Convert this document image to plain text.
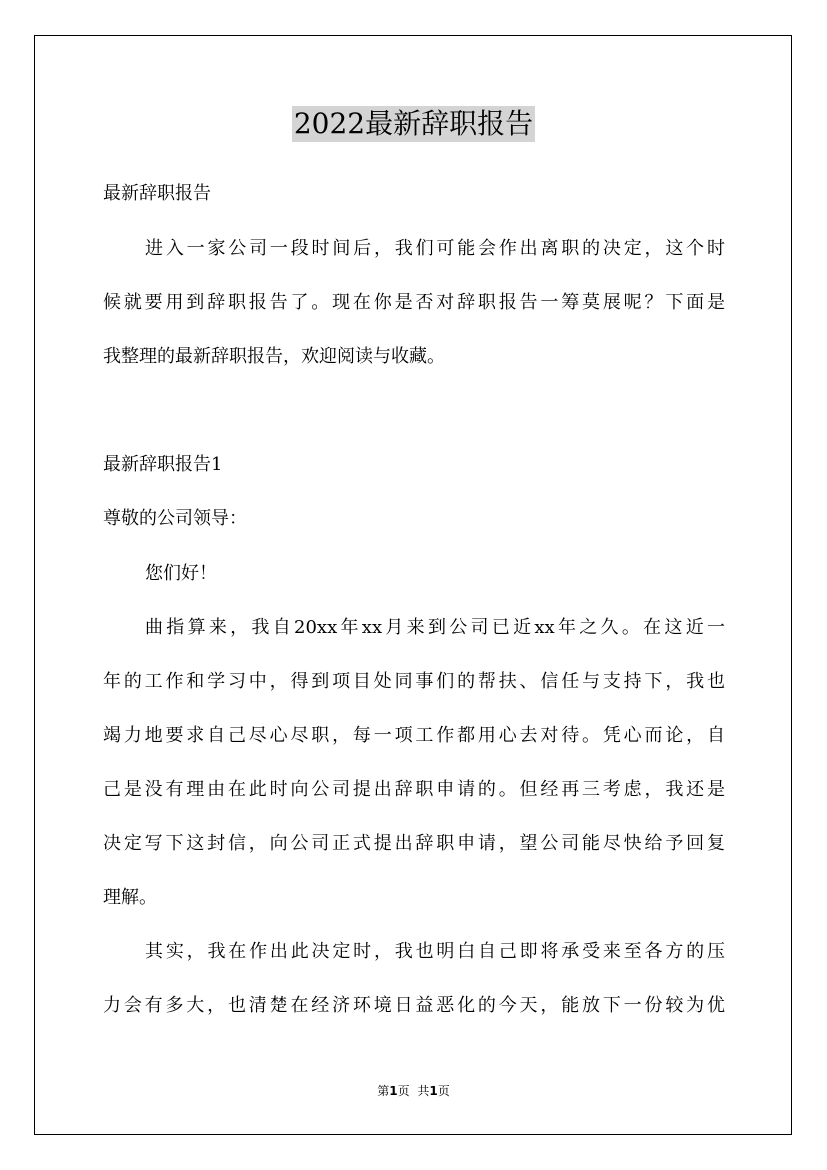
2022最新辞职报告

最新辞职报告

进入一家公司一段时间后，我们可能会作出离职的决定，这个时

候就要用到辞职报告了。现在你是否对辞职报告一筹莫展呢？下面是

我整理的最新辞职报告，欢迎阅读与收藏。

最新辞职报告1

尊敬的公司领导：

您们好！

曲指算来，我自20xx年xx月来到公司已近xx年之久。在这近一

年的工作和学习中，得到项目处同事们的帮扶、信任与支持下，我也

竭力地要求自己尽心尽职，每一项工作都用心去对待。凭心而论，自

己是没有理由在此时向公司提出辞职申请的。但经再三考虑，我还是

决定写下这封信，向公司正式提出辞职申请，望公司能尽快给予回复

理解。

其实，我在作出此决定时，我也明白自己即将承受来至各方的压

力会有多大，也清楚在经济环境日益恶化的今天，能放下一份较为优

第1页 共1页
